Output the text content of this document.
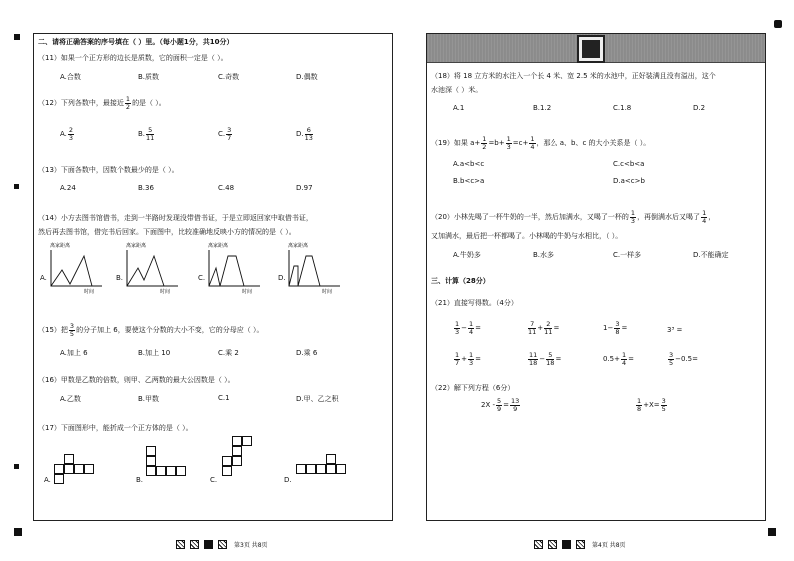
二、请将正确答案的序号填在（ ）里。（每小题1分，共10分）
（11）如果一个正方形的边长是质数，它的面积一定是（ ）。
A.合数	B.质数	C.奇数	D.偶数
（12）下列各数中，最接近 $\frac{1}{2}$ 的是（ ）。
A. $\frac{2}{3}$	B. $\frac{5}{11}$	C. $\frac{3}{7}$	D. $\frac{6}{13}$
（13）下面各数中，因数个数最少的是（ ）。
A.24	B.36	C.48	D.97
（14）小方去图书馆借书，走到一半路时发现没带借书证，于是立即返回家中取借书证，
然后再去图书馆，借完书后回家。下面图中，比较准确地反映小方的情况的是（ ）。
A.
离家距离
时间
B.
离家距离
时间
C.
离家距离
时间
D.
离家距离
时间
（15）把 $\frac{3}{5}$ 的分子加上 6，要使这个分数的大小不变，它的分母应（ ）。
A.加上 6	B.加上 10	C.乘 2	D.乘 6
（16）甲数是乙数的倍数，则甲、乙两数的最大公因数是（ ）。
A.乙数	B.甲数	C.1	D.甲、乙之积
（17）下面图形中，能折成一个正方体的是（ ）。
A.	B.	C.	D.
第3页 共8页
（18）将 18 立方米的水注入一个长 4 米、宽 2.5 米的水池中，正好装满且没有溢出，这个
水池深（ ）米。
A.1	B.1.2	C.1.8	D.2
（19）如果 $a+ \frac{1}{2} =b+ \frac{1}{3} =c+ \frac{1}{4}$ ，那么 a、b、c 的大小关系是（ ）。
A.a<b<c	C.c<b<a
B.b<c>a	D.a<c>b
（20）小林先喝了一杯牛奶的一半，然后加满水，又喝了一杯的 $\frac{1}{3}$ ，再倒满水后又喝了 $\frac{1}{4}$ ，
又加满水，最后把一杯都喝了。小林喝的牛奶与水相比，（ ）。
A.牛奶多	B.水多	C.一样多	D.不能确定
三、计算（28分）
（21）直接写得数。（4分）
$\frac{1}{3} - \frac{1}{4}$ =	$\frac{7}{11} + \frac{2}{11}$ =	$1- \frac{3}{8}$ =	3³ =
$\frac{1}{7} + \frac{1}{3}$ =	$\frac{11}{18} - \frac{5}{18}$ =	$0.5+ \frac{1}{4}$ =	$\frac{3}{5} -0.5=$
（22）解下列方程（6分）
$2X - \frac{5}{9} = \frac{13}{9}$	$\frac{1}{8} +X= \frac{3}{5}$
第4页 共8页
